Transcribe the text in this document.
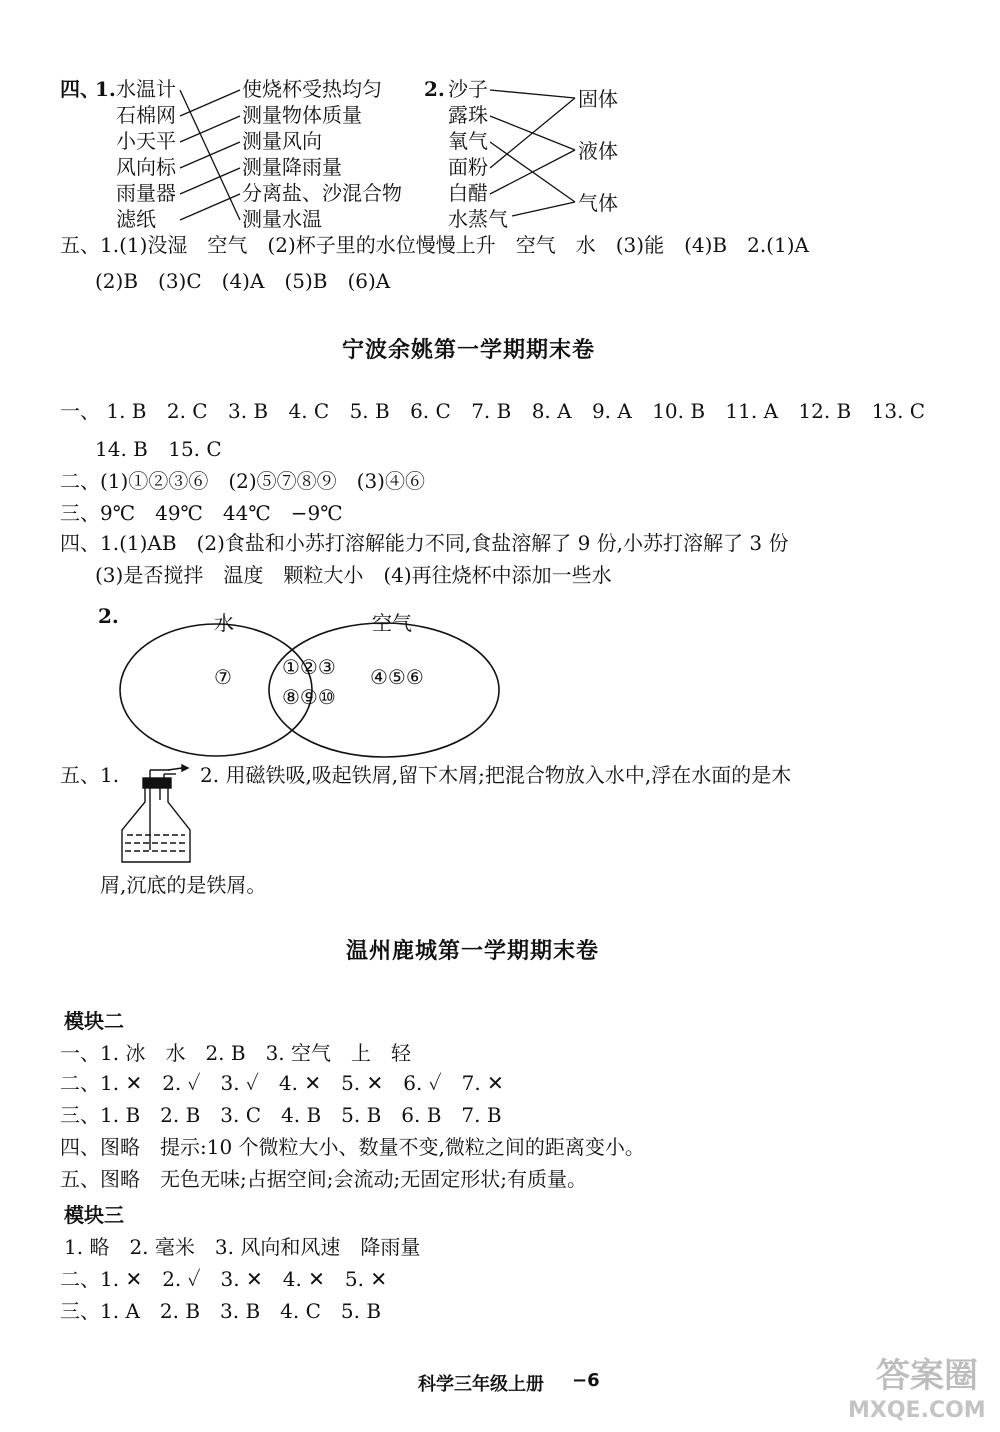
四、
1. 水温计
石棉网
小天平
风向标
雨量器
滤纸
使烧杯受热均匀
测量物体质量
测量风向
测量降雨量
分离盐、沙混合物
测量水温
2. 沙子
露珠
氧气
面粉
白醋
水蒸气
固体
液体
气体
五、1.(1)没湿　空气　(2)杯子里的水位慢慢上升　空气　水　(3)能　(4)B　2.(1)A
(2)B　(3)C　(4)A　(5)B　(6)A
宁波余姚第一学期期末卷
一、 1. B 2. C 3. B 4. C 5. B 6. C 7. B 8. A 9. A 10. B 11. A 12. B 13. C
14. B 15. C
二、(1)①②③⑥　(2)⑤⑦⑧⑨　(3)④⑥
三、9℃　49℃　44℃　−9℃
四、1.(1)AB　(2)食盐和小苏打溶解能力不同,食盐溶解了 9 份,小苏打溶解了 3 份
(3)是否搅拌　温度　颗粒大小　(4)再往烧杯中添加一些水
2.	水	空气
⑦	①②③
⑧⑨⑩
④⑤⑥
五、1.	2. 用磁铁吸,吸起铁屑,留下木屑;把混合物放入水中,浮在水面的是木
屑,沉底的是铁屑。
温州鹿城第一学期期末卷
模块二
一、1. 冰　水　2. B　3. 空气　上　轻
二、1. ✕　2. ✓　3. ✓　4. ✕　5. ✕　6. ✓　7. ✕
三、1. B　2. B　3. C　4. B　5. B　6. B　7. B
四、图略　提示:10 个微粒大小、数量不变,微粒之间的距离变小。
五、图略　无色无味;占据空间;会流动;无固定形状;有质量。
模块三
1. 略　2. 毫米　3. 风向和风速　降雨量
二、1. ✕　2. ✓　3. ✕　4. ✕　5. ✕
三、1. A　2. B　3. B　4. C　5. B
科学三年级上册 −6	答案圈
MXQE.COM
